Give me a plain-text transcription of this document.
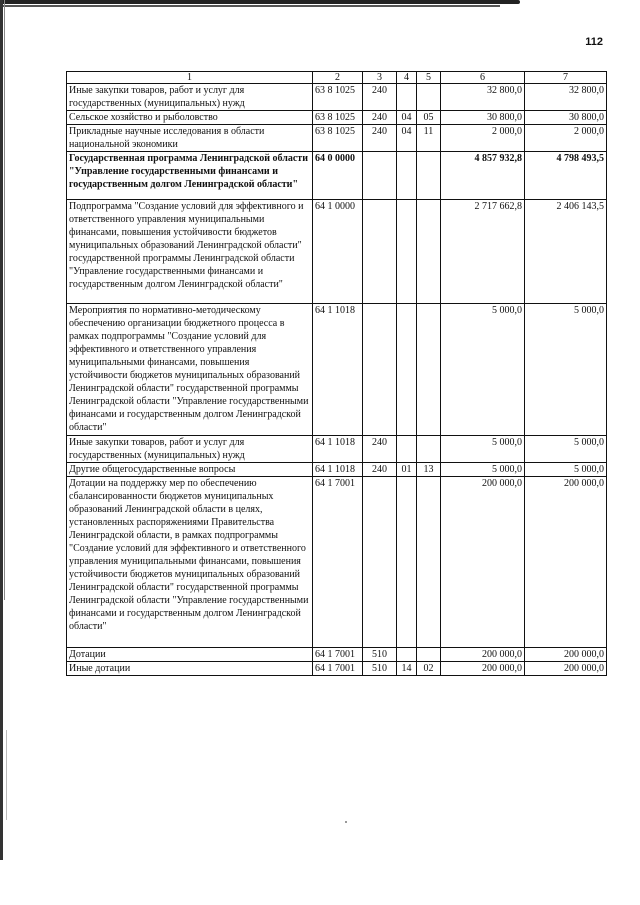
112
1	2	3	4	5	6	7
Иные закупки товаров, работ и услуг для государственных (муниципальных) нужд	63 8 1025	240			32 800,0	32 800,0
Сельское хозяйство и рыболовство	63 8 1025	240	04	05	30 800,0	30 800,0
Прикладные научные исследования в области национальной экономики	63 8 1025	240	04	11	2 000,0	2 000,0
Государственная программа Ленинградской области "Управление государственными финансами и государственным долгом Ленинградской области"	64 0 0000				4 857 932,8	4 798 493,5
Подпрограмма "Создание условий для эффективного и ответственного управления муниципальными финансами, повышения устойчивости бюджетов муниципальных образований Ленинградской области" государственной программы Ленинградской области "Управление государственными финансами и государственным долгом Ленинградской области"	64 1 0000				2 717 662,8	2 406 143,5
Мероприятия по нормативно-методическому обеспечению организации бюджетного процесса в рамках подпрограммы "Создание условий для эффективного и ответственного управления муниципальными финансами, повышения устойчивости бюджетов муниципальных образований Ленинградской области" государственной программы Ленинградской области "Управление государственными финансами и государственным долгом Ленинградской области"	64 1 1018				5 000,0	5 000,0
Иные закупки товаров, работ и услуг для государственных (муниципальных) нужд	64 1 1018	240			5 000,0	5 000,0
Другие общегосударственные вопросы	64 1 1018	240	01	13	5 000,0	5 000,0
Дотации на поддержку мер по обеспечению сбалансированности бюджетов муниципальных образований Ленинградской области в целях, установленных распоряжениями Правительства Ленинградской области, в рамках подпрограммы "Создание условий для эффективного и ответственного управления муниципальными финансами, повышения устойчивости бюджетов муниципальных образований Ленинградской области" государственной программы Ленинградской области "Управление государственными финансами и государственным долгом Ленинградской области"	64 1 7001				200 000,0	200 000,0
Дотации	64 1 7001	510			200 000,0	200 000,0
Иные дотации	64 1 7001	510	14	02	200 000,0	200 000,0
